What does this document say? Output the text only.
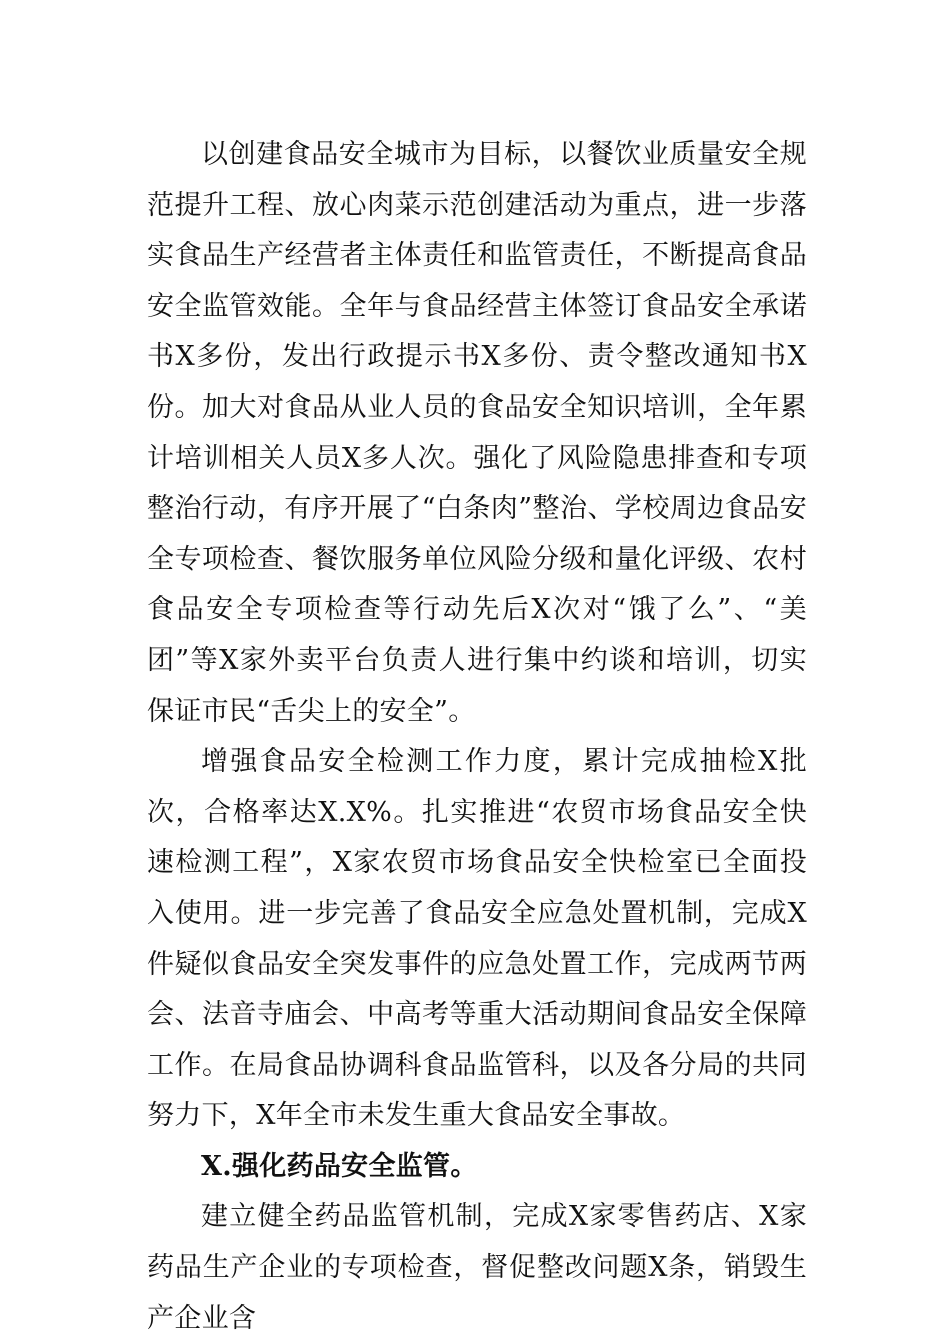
以创建食品安全城市为目标，以餐饮业质量安全规范提升工程、放心肉菜示范创建活动为重点，进一步落实食品生产经营者主体责任和监管责任，不断提高食品安全监管效能。全年与食品经营主体签订食品安全承诺书X多份，发出行政提示书X多份、责令整改通知书X份。加大对食品从业人员的食品安全知识培训，全年累计培训相关人员X多人次。强化了风险隐患排查和专项整治行动，有序开展了“白条肉”整治、学校周边食品安全专项检查、餐饮服务单位风险分级和量化评级、农村食品安全专项检查等行动先后X次对“饿了么”、“美团”等X家外卖平台负责人进行集中约谈和培训，切实保证市民“舌尖上的安全”。

增强食品安全检测工作力度，累计完成抽检X批次，合格率达X.X%。扎实推进“农贸市场食品安全快速检测工程”，X家农贸市场食品安全快检室已全面投入使用。进一步完善了食品安全应急处置机制，完成X件疑似食品安全突发事件的应急处置工作，完成两节两会、法音寺庙会、中高考等重大活动期间食品安全保障工作。在局食品协调科食品监管科，以及各分局的共同努力下，X年全市未发生重大食品安全事故。

X.强化药品安全监管。

建立健全药品监管机制，完成X家零售药店、X家药品生产企业的专项检查，督促整改问题X条，销毁生产企业含
